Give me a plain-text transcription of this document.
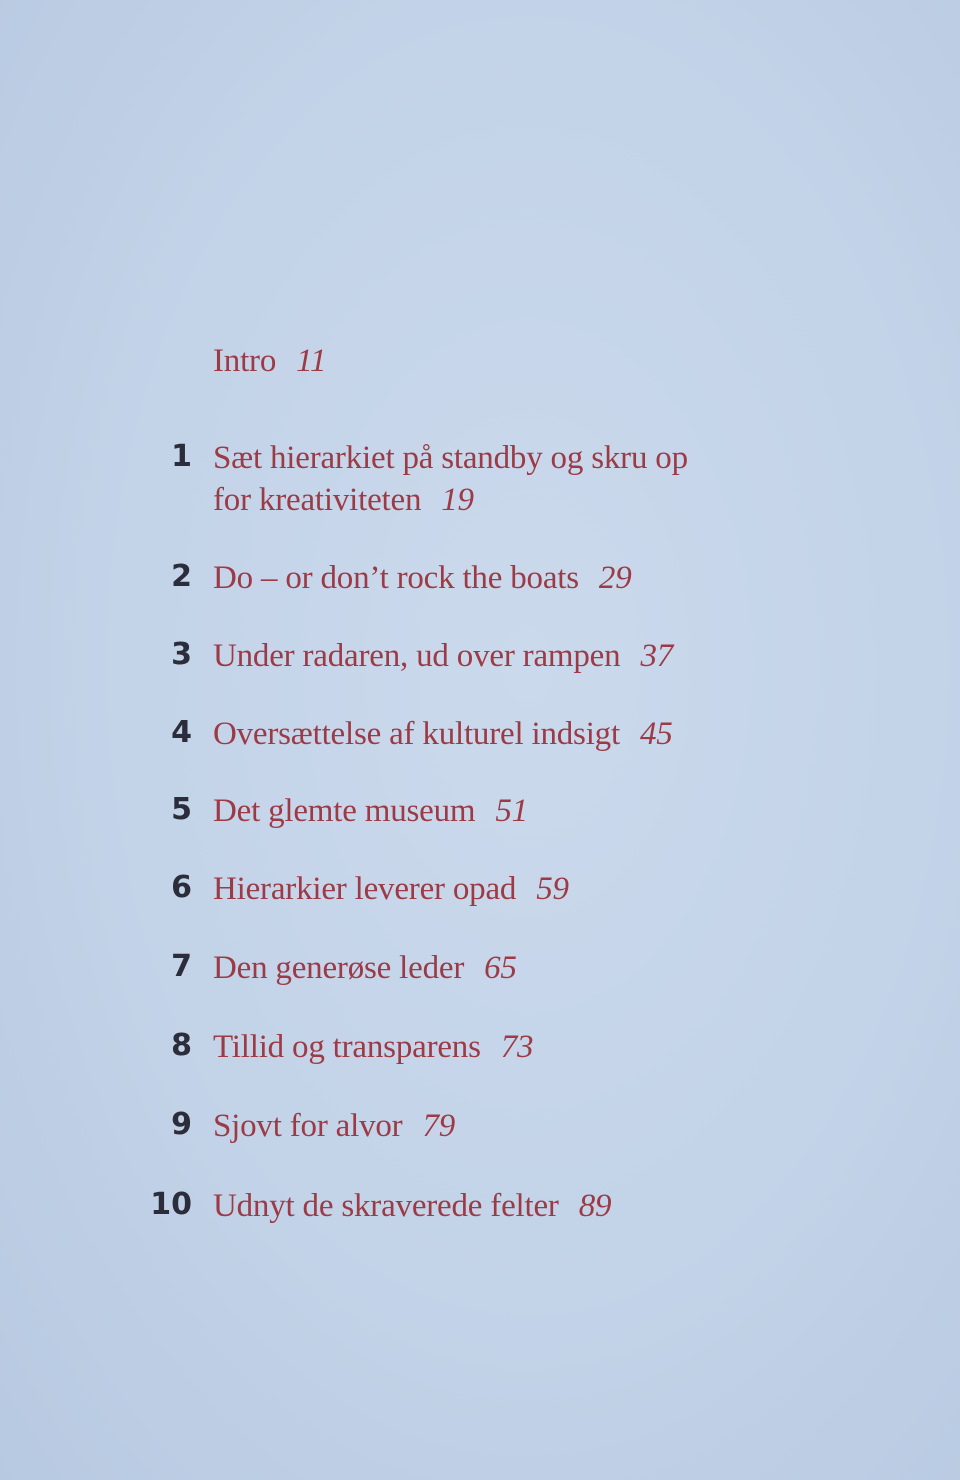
Intro 11
1 Sæt hierarkiet på standby og skru op
for kreativiteten 19
2 Do – or don’t rock the boats 29
3 Under radaren, ud over rampen 37
4 Oversættelse af kulturel indsigt 45
5 Det glemte museum 51
6 Hierarkier leverer opad 59
7 Den generøse leder 65
8 Tillid og transparens 73
9 Sjovt for alvor 79
10 Udnyt de skraverede felter 89
